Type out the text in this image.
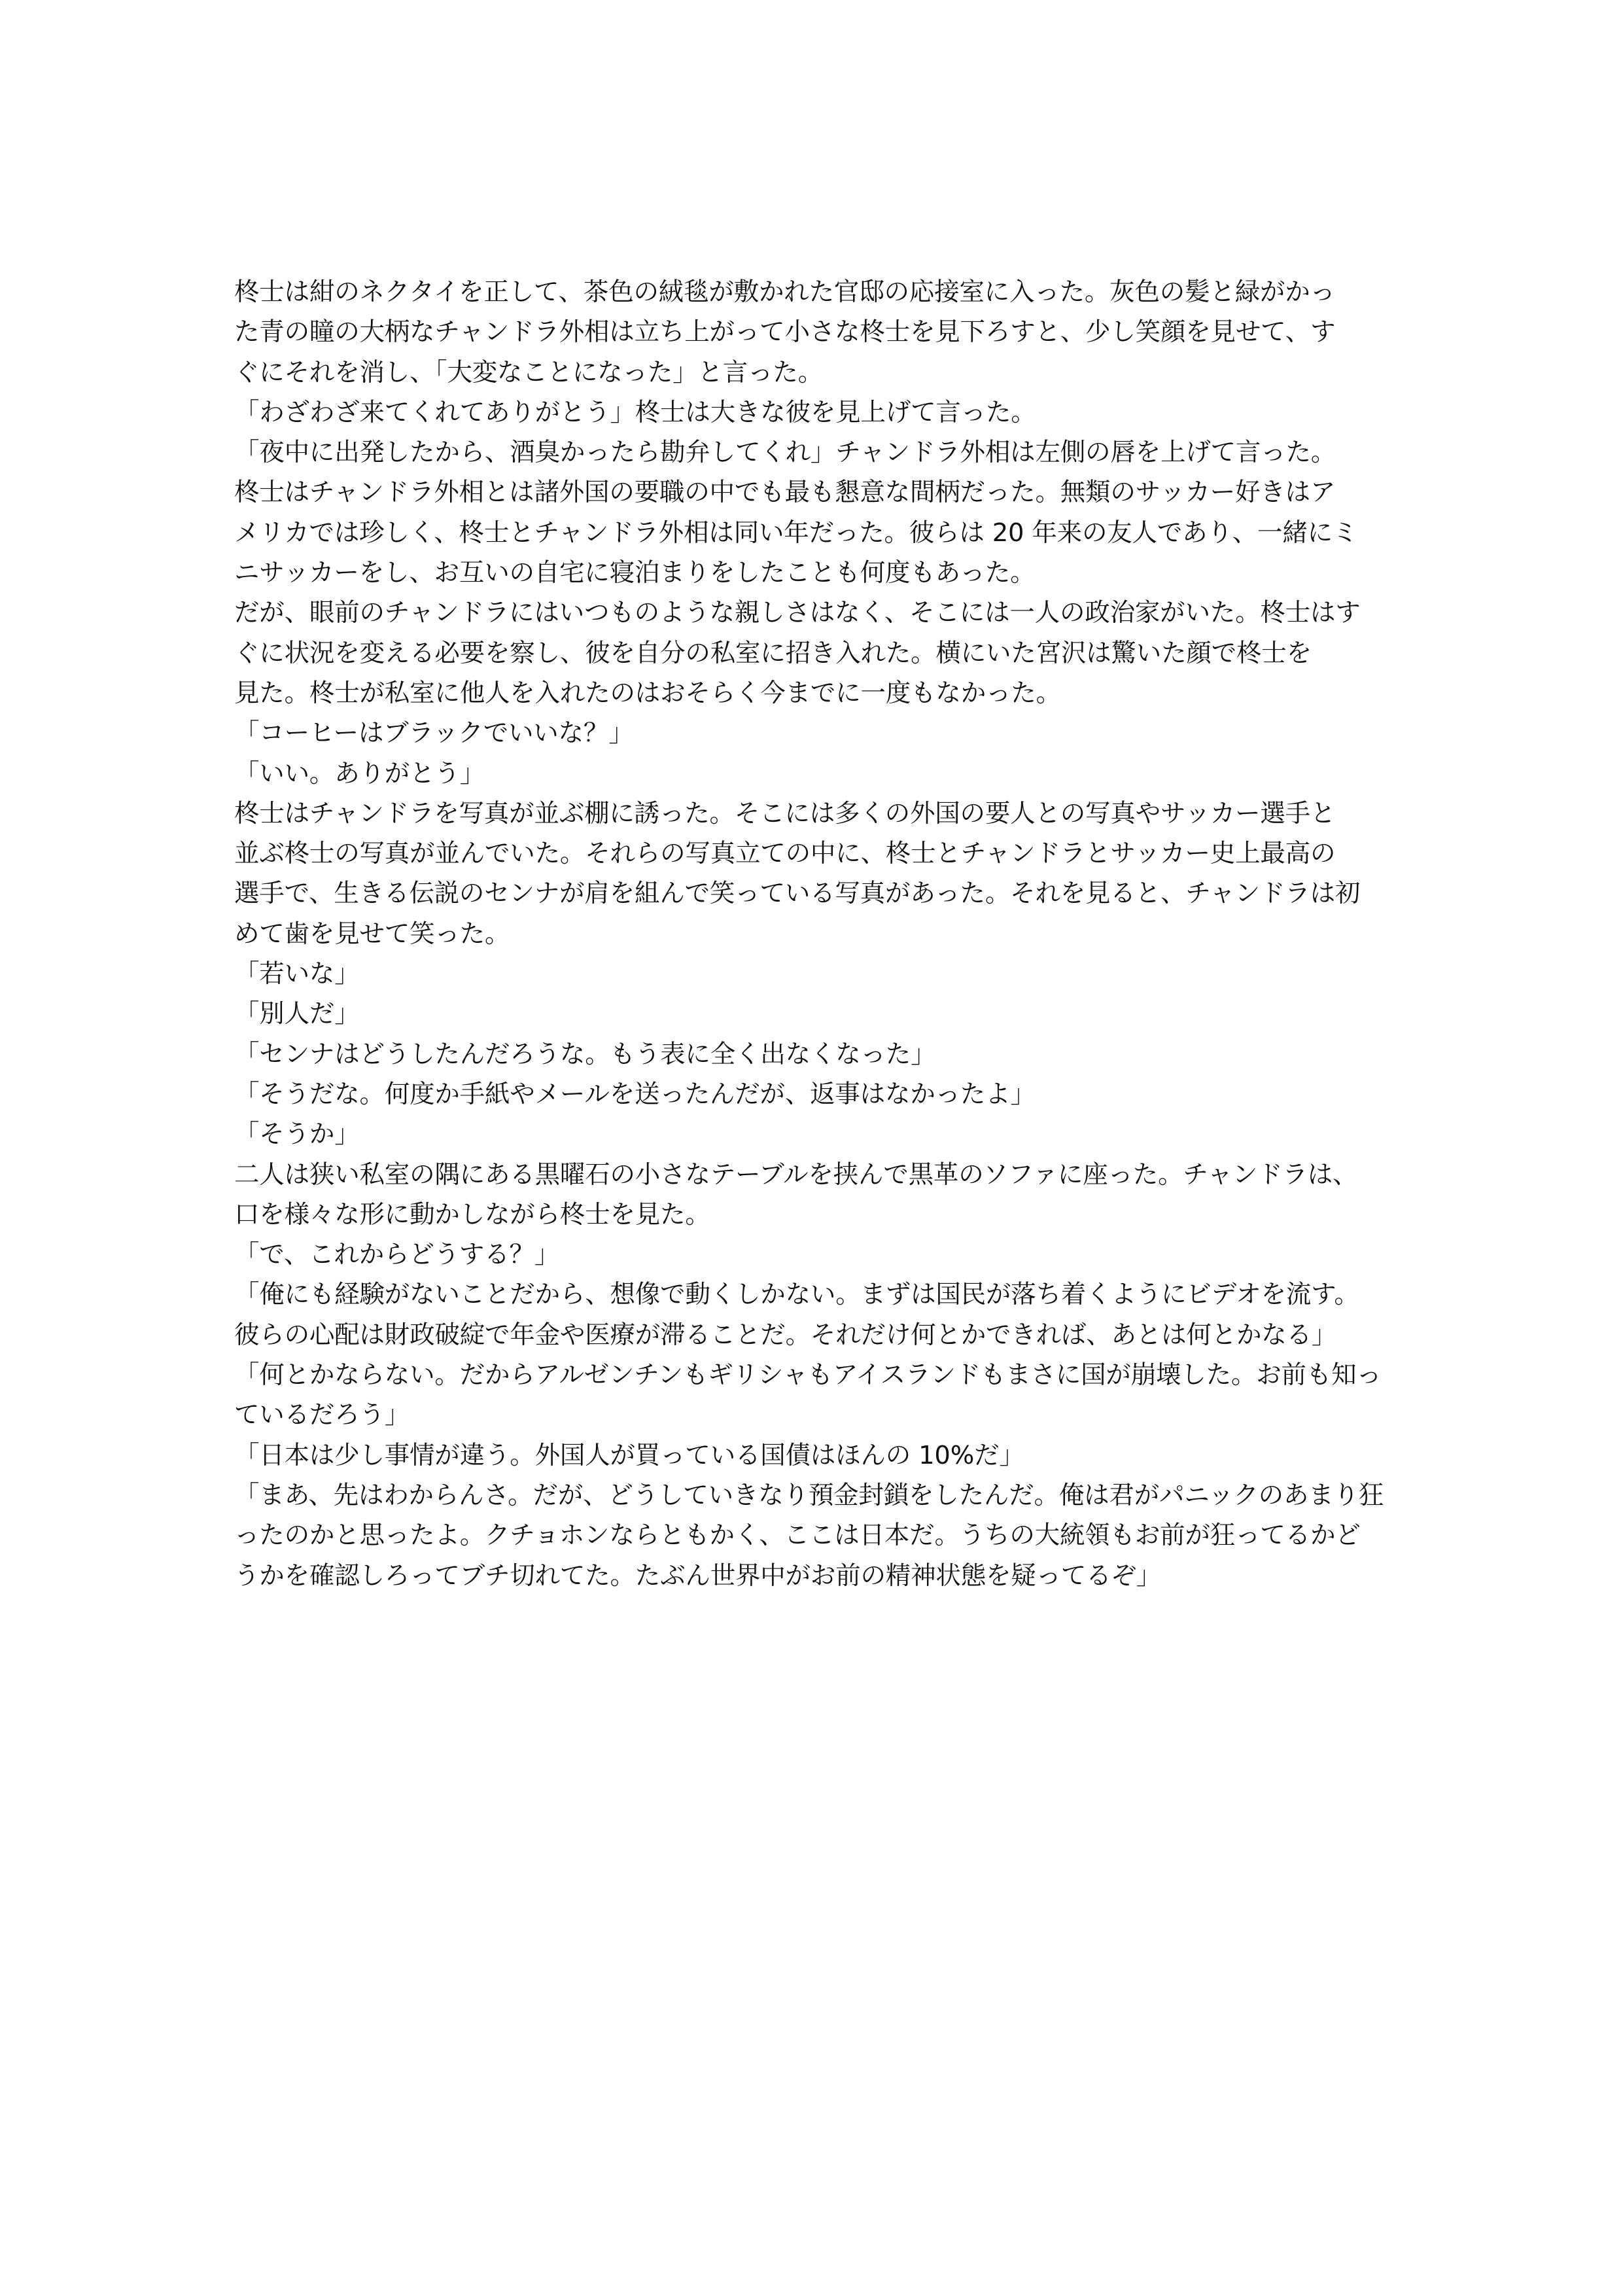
柊士は紺のネクタイを正して、茶色の絨毯が敷かれた官邸の応接室に入った。灰色の髪と緑がかっ
た青の瞳の大柄なチャンドラ外相は立ち上がって小さな柊士を見下ろすと、少し笑顔を見せて、す
ぐにそれを消し、「大変なことになった」と言った。

「わざわざ来てくれてありがとう」柊士は大きな彼を見上げて言った。

「夜中に出発したから、酒臭かったら勘弁してくれ」チャンドラ外相は左側の唇を上げて言った。

柊士はチャンドラ外相とは諸外国の要職の中でも最も懇意な間柄だった。無類のサッカー好きはア
メリカでは珍しく、柊士とチャンドラ外相は同い年だった。彼らは 20 年来の友人であり、一緒にミ
ニサッカーをし、お互いの自宅に寝泊まりをしたことも何度もあった。

だが、眼前のチャンドラにはいつものような親しさはなく、そこには一人の政治家がいた。柊士はす
ぐに状況を変える必要を察し、彼を自分の私室に招き入れた。横にいた宮沢は驚いた顔で柊士を
見た。柊士が私室に他人を入れたのはおそらく今までに一度もなかった。

「コーヒーはブラックでいいな？」

「いい。ありがとう」

柊士はチャンドラを写真が並ぶ棚に誘った。そこには多くの外国の要人との写真やサッカー選手と
並ぶ柊士の写真が並んでいた。それらの写真立ての中に、柊士とチャンドラとサッカー史上最高の
選手で、生きる伝説のセンナが肩を組んで笑っている写真があった。それを見ると、チャンドラは初
めて歯を見せて笑った。

「若いな」

「別人だ」

「センナはどうしたんだろうな。もう表に全く出なくなった」

「そうだな。何度か手紙やメールを送ったんだが、返事はなかったよ」

「そうか」

二人は狭い私室の隅にある黒曜石の小さなテーブルを挟んで黒革のソファに座った。チャンドラは、
口を様々な形に動かしながら柊士を見た。

「で、これからどうする？」

「俺にも経験がないことだから、想像で動くしかない。まずは国民が落ち着くようにビデオを流す。
彼らの心配は財政破綻で年金や医療が滞ることだ。それだけ何とかできれば、あとは何とかなる」

「何とかならない。だからアルゼンチンもギリシャもアイスランドもまさに国が崩壊した。お前も知っ
ているだろう」

「日本は少し事情が違う。外国人が買っている国債はほんの 10%だ」

「まあ、先はわからんさ。だが、どうしていきなり預金封鎖をしたんだ。俺は君がパニックのあまり狂
ったのかと思ったよ。クチョホンならともかく、ここは日本だ。うちの大統領もお前が狂ってるかど
うかを確認しろってブチ切れてた。たぶん世界中がお前の精神状態を疑ってるぞ」
